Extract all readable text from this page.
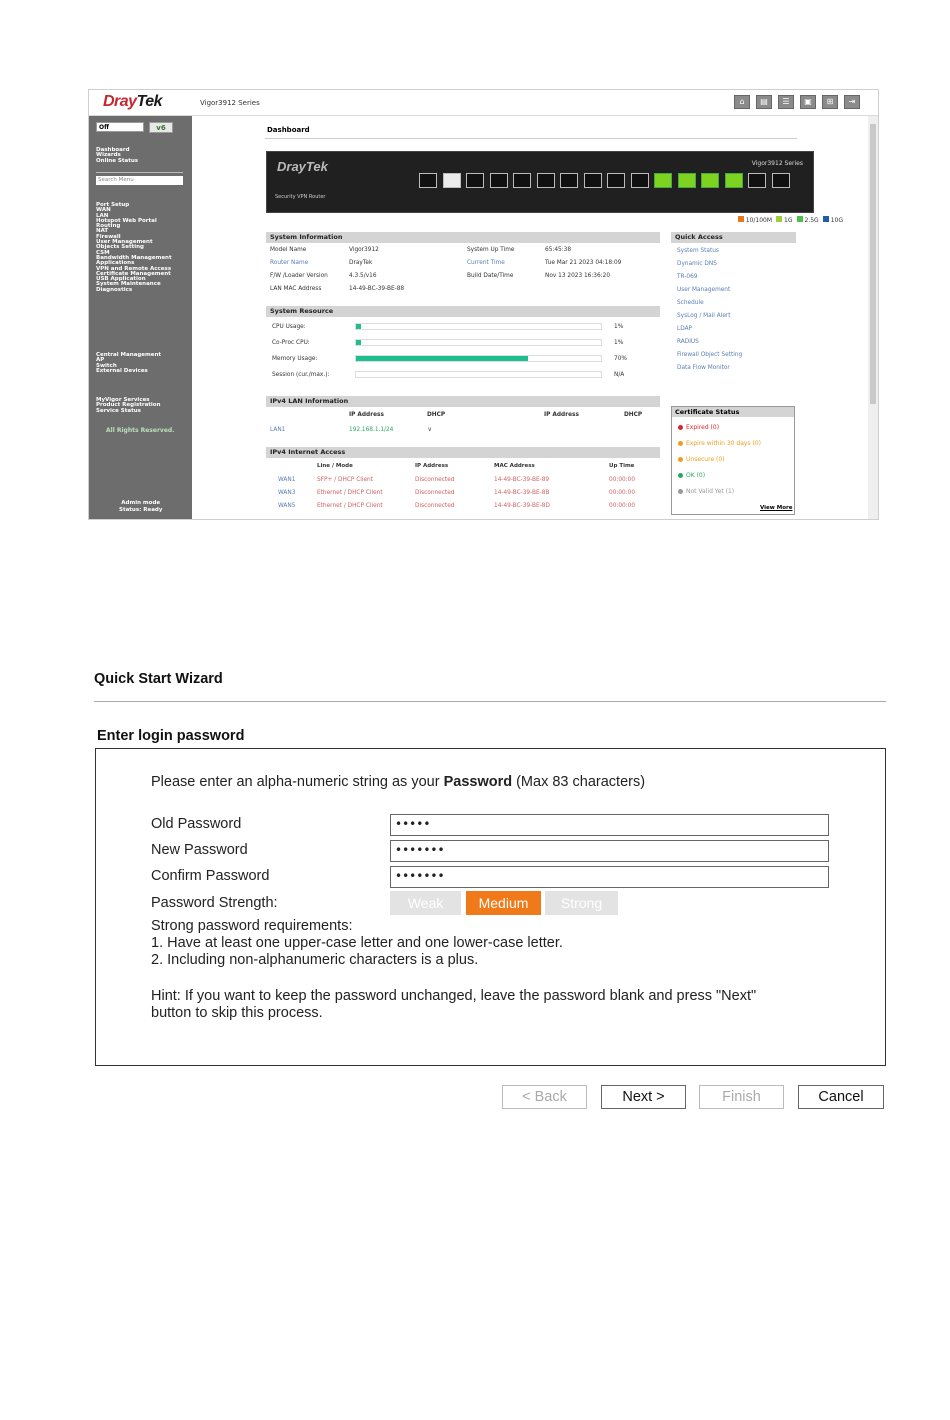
DrayTek	Vigor3912 Series	⌂	▤	☰	▣	⊞	⇥
Off	v6
Dashboard
Wizards
Online Status
Search Menu
Port Setup
WAN
LAN
Hotspot Web Portal
Routing
NAT
Firewall
User Management
Objects Setting
CSM
Bandwidth Management
Applications
VPN and Remote Access
Certificate Management
USB Application
System Maintenance
Diagnostics
Central Management
AP
Switch
External Devices
MyVigor Services
Product Registration
Service Status
All Rights Reserved.
Admin mode
Status: Ready
Dashboard
DrayTek
Security VPN Router
Vigor3912 Series
10/100M 1G 2.5G 10G
System Information
Model Name	Vigor3912
Router Name	DrayTek
F/W /Loader Version	4.3.5/v16
LAN MAC Address	14-49-BC-39-BE-88
System Up Time	65:45:38
Current Time	Tue Mar 21 2023 04:18:09
Build Date/Time	Nov 13 2023 16:36:20
System Resource
CPU Usage:	1%
Co-Proc CPU:	1%
Memory Usage:	70%
Session (cur./max.):	N/A
IPv4 LAN Information
IP Address	DHCP	IP Address	DHCP
LAN1	192.168.1.1/24	v
IPv4 Internet Access
Line / Mode	IP Address	MAC Address	Up Time
WAN1	SFP+ / DHCP Client	Disconnected	14-49-BC-39-BE-89	00:00:00
WAN3	Ethernet / DHCP Client	Disconnected	14-49-BC-39-BE-8B	00:00:00
WAN5	Ethernet / DHCP Client	Disconnected	14-49-BC-39-BE-8D	00:00:00
Quick Access
System Status
Dynamic DNS
TR-069
User Management
Schedule
SysLog / Mail Alert
LDAP
RADIUS
Firewall Object Setting
Data Flow Monitor
Certificate Status
Expired (0)
Expire within 30 days (0)
Unsecure (0)
OK (0)
Not Valid Yet (1)
View More
Quick Start Wizard
Enter login password
Please enter an alpha-numeric string as your Password (Max 83 characters)
Old Password	•••••
New Password	•••••••
Confirm Password	•••••••
Password Strength:	Weak	Medium	Strong
Strong password requirements:
1. Have at least one upper-case letter and one lower-case letter.
2. Including non-alphanumeric characters is a plus.
Hint: If you want to keep the password unchanged, leave the password blank and press "Next"
button to skip this process.
< Back	Next >	Finish	Cancel
